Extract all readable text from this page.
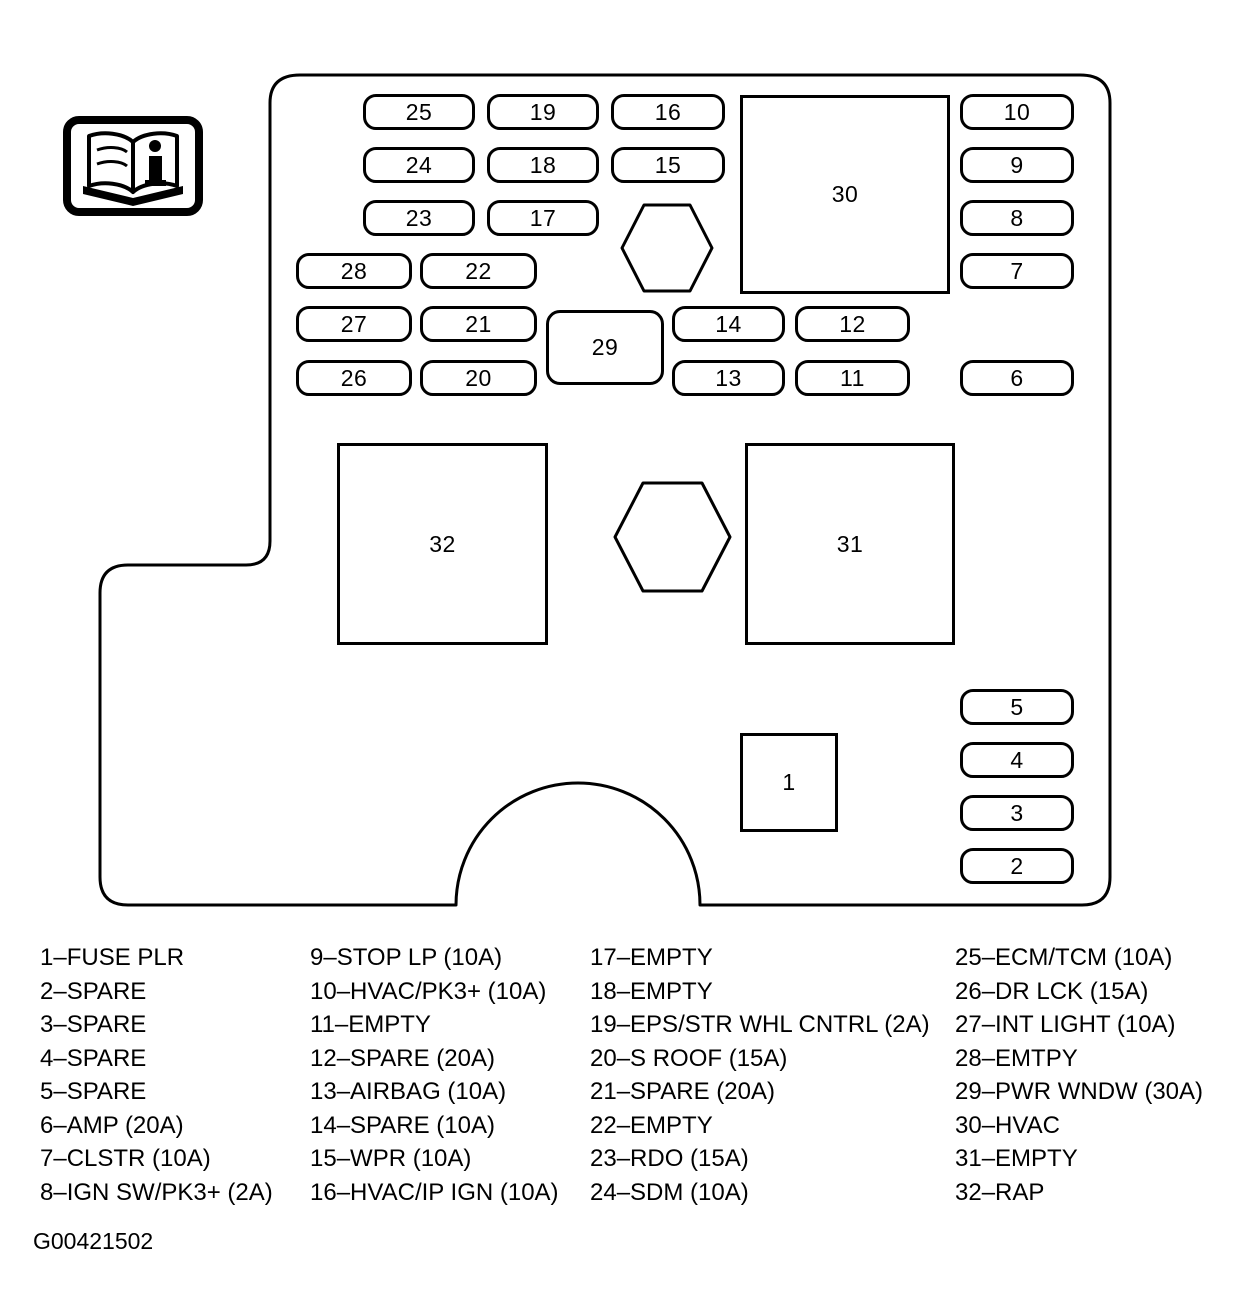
25	19	16	10
24	18	15	9
23	17	8
28	22	7
27	21	14	12
26	20	13	11	6
29
30
32	31
1
5
4
3
2
1–FUSE PLR
2–SPARE
3–SPARE
4–SPARE
5–SPARE
6–AMP (20A)
7–CLSTR (10A)
8–IGN SW/PK3+ (2A)
9–STOP LP (10A)
10–HVAC/PK3+ (10A)
11–EMPTY
12–SPARE (20A)
13–AIRBAG (10A)
14–SPARE (10A)
15–WPR (10A)
16–HVAC/IP IGN (10A)
17–EMPTY
18–EMPTY
19–EPS/STR WHL CNTRL (2A)
20–S ROOF (15A)
21–SPARE (20A)
22–EMPTY
23–RDO (15A)
24–SDM (10A)
25–ECM/TCM (10A)
26–DR LCK (15A)
27–INT LIGHT (10A)
28–EMTPY
29–PWR WNDW (30A)
30–HVAC
31–EMPTY
32–RAP
G00421502
